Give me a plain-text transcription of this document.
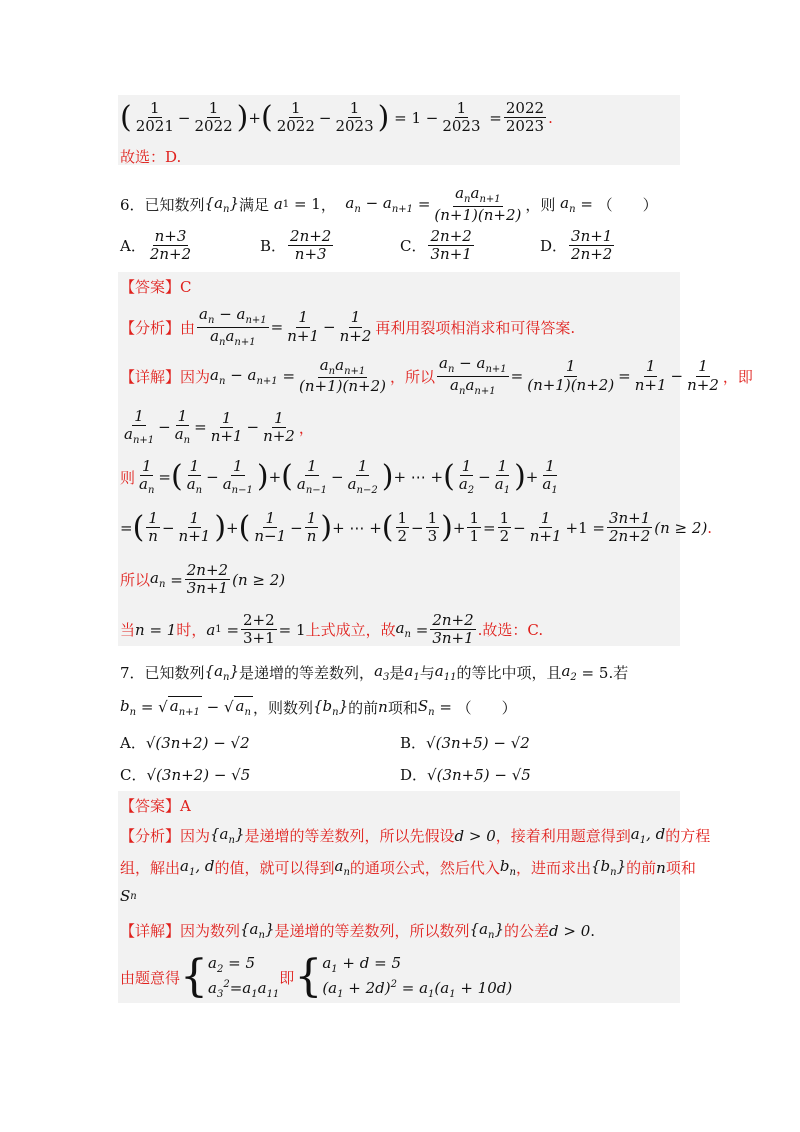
( $\frac{1}{2021} - \frac{1}{2022}$ ) + ( $\frac{1}{2022} - \frac{1}{2023}$ ) = $1 - \frac{1}{2023} = \frac{2022}{2023}$ .
故选：D.
6．已知数列 $\{a_n\}$ 满足
a 1 = 1 ，
$a_n - a_{n+1} = \frac{a_na_{n+1}}{(n+1)(n+2)}$ ，则
$a_n$ = （　　）
A． $\frac{n+3}{2n+2}$	B． $\frac{2n+2}{n+3}$	C． $\frac{2n+2}{3n+1}$	D． $\frac{3n+1}{2n+2}$
【答案】C
【分析】由 $\frac{a_n - a_{n+1}}{a_na_{n+1}} = \frac{1}{n+1} - \frac{1}{n+2}$ 再利用裂项相消求和可得答案.
【详解】因为 $a_n - a_{n+1} = \frac{a_na_{n+1}}{(n+1)(n+2)}$ ，所以 $\frac{a_n - a_{n+1}}{a_na_{n+1}} = \frac{1}{(n+1)(n+2)} = \frac{1}{n+1} - \frac{1}{n+2}$ ，即
$\frac{1}{a_{n+1}} - \frac{1}{a_n} = \frac{1}{n+1} - \frac{1}{n+2}$ ，
则 $\frac{1}{a_n}$ = ( $\frac{1}{a_n} - \frac{1}{a_{n-1}}$ ) + ( $\frac{1}{a_{n-1}} - \frac{1}{a_{n-2}}$ ) + ⋯ + ( $\frac{1}{a_2} - \frac{1}{a_1}$ ) + $\frac{1}{a_1}$
= ( $\frac{1}{n} - \frac{1}{n+1}$ ) + ( $\frac{1}{n-1} - \frac{1}{n}$ ) + ⋯ + ( $\frac{1}{2} - \frac{1}{3}$ ) + $\frac{1}{1} = \frac{1}{2} - \frac{1}{n+1} +1 = \frac{3n+1}{2n+2} (n \ge 2)$ .
所以 $a_n = \frac{2n+2}{3n+1} (n \ge 2)$
当 n = 1 时， a $1 = \frac{2+2}{3+1} = 1$ 上式成立，故 $a_n = \frac{2n+2}{3n+1}$ .故选：C.
7．已知数列 $\{a_n\}$ 是递增的等差数列， $a_3$ 是 $a_1$ 与 $a_{11}$ 的等比中项，且 $a_2 = 5$ .若
$b_n$ = √ $a_{n+1}$ − √ $a_n$ ，则数列 $\{b_n\}$ 的前 n 项和 $S_n$ = （　　）
A． √(3n+2) − √2	B． √(3n+5) − √2
C． √(3n+2) − √5	D． √(3n+5) − √5
【答案】A
【分析】因为 $\{a_n\}$ 是递增的等差数列，所以先假设 d > 0 ，接着利用题意得到 $a_1$, d 的方程
组，解出 $a_1$, d 的值，就可以得到 $a_n$ 的通项公式，然后代入 $b_n$ ，进而求出 $\{b_n\}$ 的前 n 项和
S n
【详解】因为数列 $\{a_n\}$ 是递增的等差数列，所以数列 $\{a_n\}$ 的公差 d > 0 .
由题意得 { $a_2 = 5$
$a_3^2=a_1a_{11}$
即 { $a_1 + d = 5$
$(a_1 + 2d)^2 = a_1(a_1 + 10d)$
